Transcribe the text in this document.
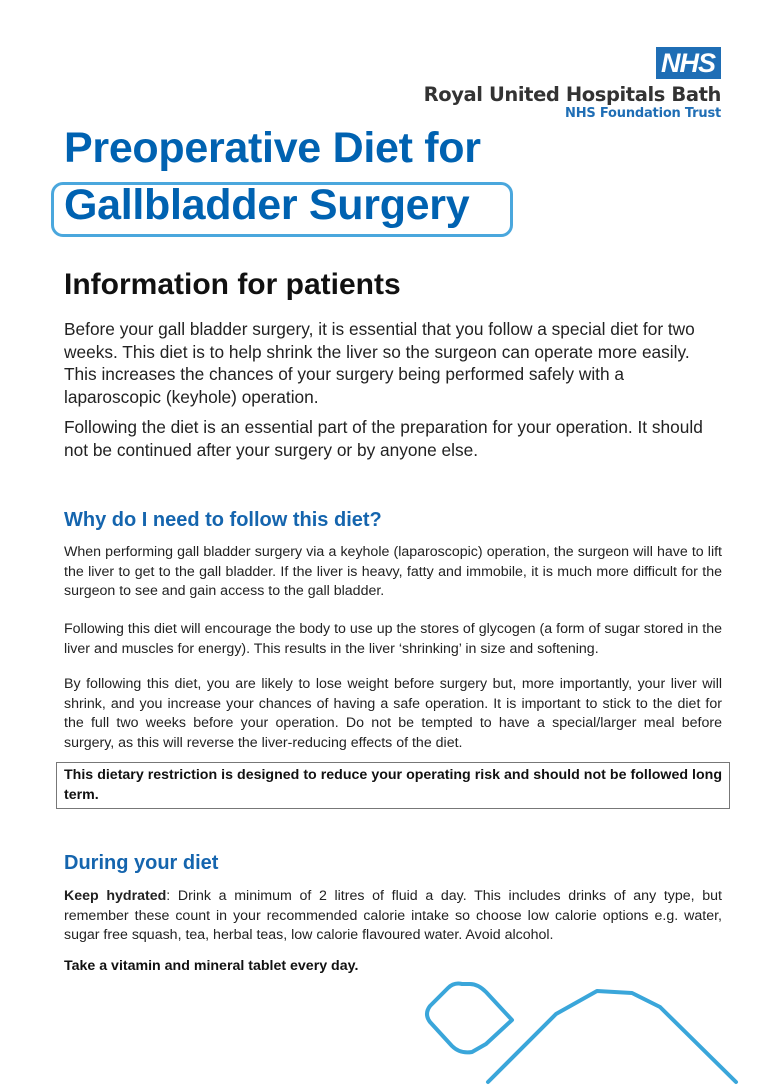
NHS
Royal United Hospitals Bath
NHS Foundation Trust
Preoperative Diet for
Gallbladder Surgery
Information for patients

Before your gall bladder surgery, it is essential that you follow a special diet for two weeks. This diet is to help shrink the liver so the surgeon can operate more easily. This increases the chances of your surgery being performed safely with a laparoscopic (keyhole) operation.

Following the diet is an essential part of the preparation for your operation. It should not be continued after your surgery or by anyone else.

Why do I need to follow this diet?

When performing gall bladder surgery via a keyhole (laparoscopic) operation, the surgeon will have to lift the liver to get to the gall bladder. If the liver is heavy, fatty and immobile, it is much more difficult for the surgeon to see and gain access to the gall bladder.

Following this diet will encourage the body to use up the stores of glycogen (a form of sugar stored in the liver and muscles for energy). This results in the liver ‘shrinking’ in size and softening.

By following this diet, you are likely to lose weight before surgery but, more importantly, your liver will shrink, and you increase your chances of having a safe operation. It is important to stick to the diet for the full two weeks before your operation. Do not be tempted to have a special/larger meal before surgery, as this will reverse the liver-reducing effects of the diet.

This dietary restriction is designed to reduce your operating risk and should not be followed long term.
During your diet

Keep hydrated: Drink a minimum of 2 litres of fluid a day. This includes drinks of any type, but remember these count in your recommended calorie intake so choose low calorie options e.g. water, sugar free squash, tea, herbal teas, low calorie flavoured water. Avoid alcohol.

Take a vitamin and mineral tablet every day.
